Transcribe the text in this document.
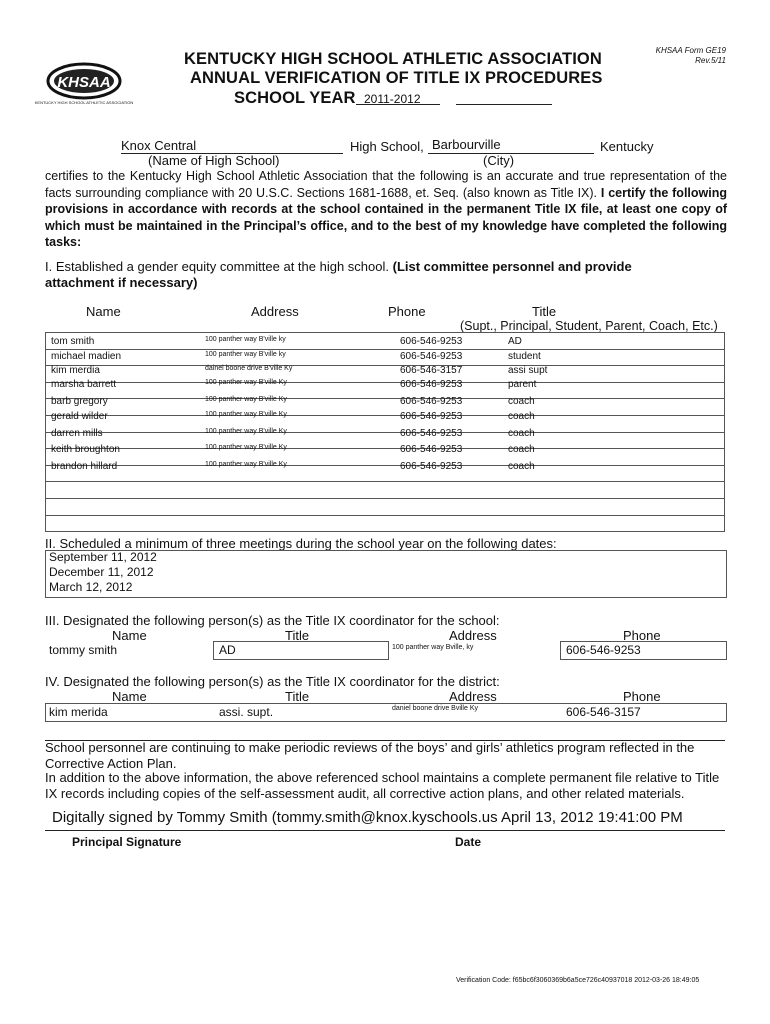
KHSAA
KENTUCKY HIGH SCHOOL ATHLETIC ASSOCIATION
KENTUCKY HIGH SCHOOL ATHLETIC ASSOCIATION
ANNUAL VERIFICATION OF TITLE IX PROCEDURES
SCHOOL YEAR 2011-2012
KHSAA Form GE19
Rev.5/11
Knox Central	High School, Barbourville	Kentucky
(Name of High School)	(City)
certifies to the Kentucky High School Athletic Association that the following is an accurate and true representation of the facts surrounding compliance with 20 U.S.C. Sections 1681-1688, et. Seq. (also known as Title IX). I certify the following provisions in accordance with records at the school contained in the permanent Title IX file, at least one copy of which must be maintained in the Principal’s office, and to the best of my knowledge have completed the following tasks:
I. Established a gender equity committee at the high school. (List committee personnel and provide attachment if necessary)
Name	Address	Phone	Title
(Supt., Principal, Student, Parent, Coach, Etc.)

tom smith	100 panther way B'ville ky	606-546-9253	AD
michael madien	100 panther way B'ville ky	606-546-9253	student
kim merdia	dainel boone drive B'ville Ky	606-546-3157	assi supt
marsha barrett	100 panther way B'ville Ky	606-546-9253	parent
barb gregory	100 panther way B'ville Ky	606-546-9253	coach
gerald wilder	100 panther way B'ville Ky	606-546-9253	coach
darren mills	100 panther way B'ville Ky	606-546-9253	coach
keith broughton	100 panther way B'ville Ky	606-546-9253	coach
brandon hillard	100 panther way B'ville Ky	606-546-9253	coach
II. Scheduled a minimum of three meetings during the school year on the following dates:
September 11, 2012
December 11, 2012
March 12, 2012
III. Designated the following person(s) as the Title IX coordinator for the school:
Name	Title	Address	Phone
tommy smith	AD	100 panther way Bville, ky	606-546-9253
IV. Designated the following person(s) as the Title IX coordinator for the district:
Name	Title	Address	Phone
kim merida	assi. supt.	daniel boone drive Bville Ky	606-546-3157
School personnel are continuing to make periodic reviews of the boys’ and girls’ athletics program reflected in the Corrective Action Plan.
In addition to the above information, the above referenced school maintains a complete permanent file relative to Title IX records including copies of the self-assessment audit, all corrective action plans, and other related materials.
Digitally signed by Tommy Smith (tommy.smith@knox.kyschools.us April 13, 2012 19:41:00 PM
Principal Signature	Date
Verification Code: f65bc6f3060369b6a5ce726c40937018 2012-03-26 18:49:05
